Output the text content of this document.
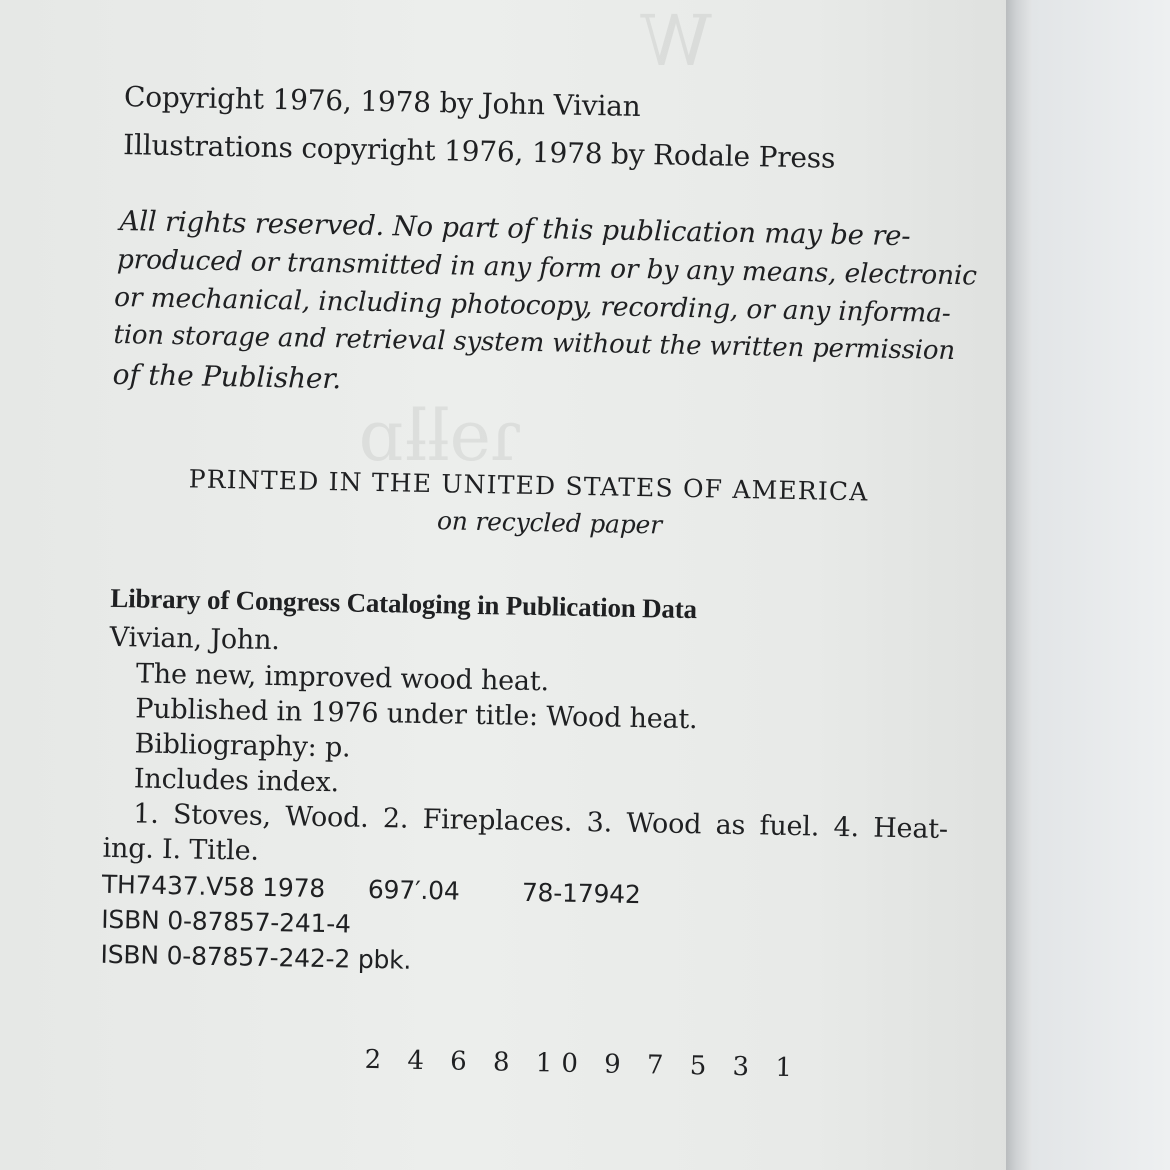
ɿɘƚƚɒ
W
Copyright 1976, 1978 by John Vivian
Illustrations copyright 1976, 1978 by Rodale Press
All rights reserved. No part of this publication may be re-
produced or transmitted in any form or by any means, electronic
or mechanical, including photocopy, recording, or any informa-
tion storage and retrieval system without the written permission
of the Publisher.
PRINTED IN THE UNITED STATES OF AMERICA
on recycled paper
Library of Congress Cataloging in Publication Data
Vivian, John.
The new, improved wood heat.
Published in 1976 under title: Wood heat.
Bibliography: p.
Includes index.
1. Stoves, Wood. 2. Fireplaces. 3. Wood as fuel. 4. Heat-
ing. I. Title.
TH7437.V58 1978 697′.04 78-17942
ISBN 0-87857-241-4
ISBN 0-87857-242-2 pbk.
2 4 6 8 10 9 7 5 3 1
